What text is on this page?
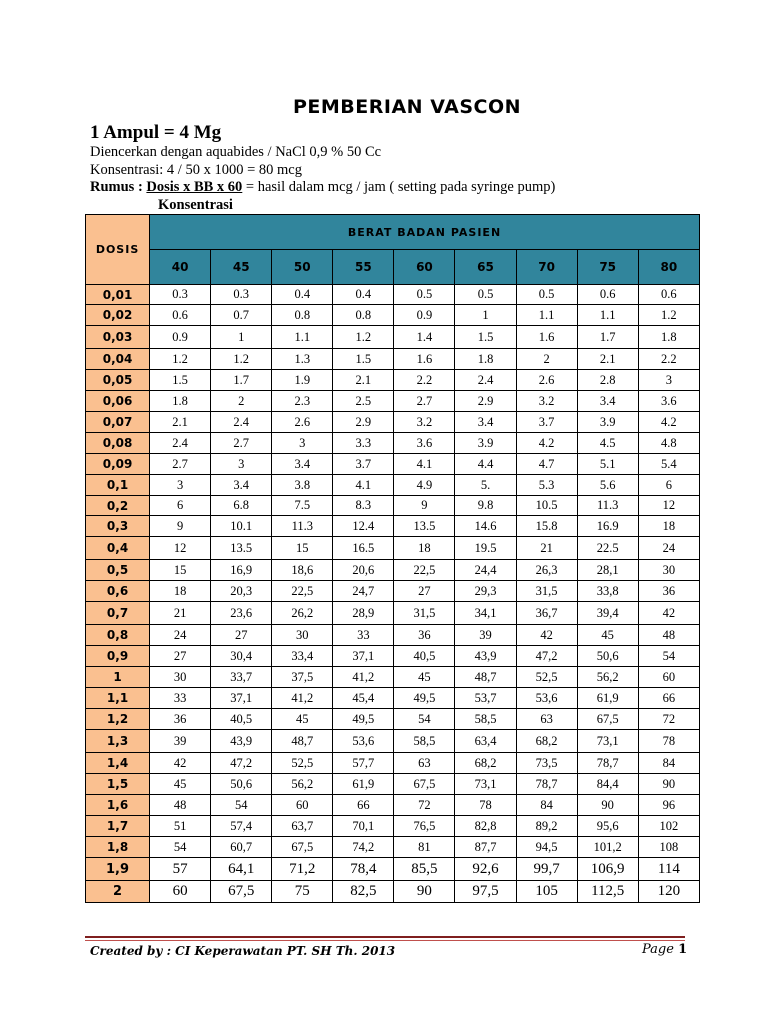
PEMBERIAN VASCON
1 Ampul = 4 Mg
Diencerkan dengan aquabides / NaCl 0,9 % 50 Cc
Konsentrasi: 4 / 50 x 1000 = 80 mcg
Rumus : Dosis x BB x 60 = hasil dalam mcg / jam ( setting pada syringe pump)
Konsentrasi
DOSIS	BERAT BADAN PASIEN								
	40	45	50	55	60	65	70	75	80
0,01	0.3	0.3	0.4	0.4	0.5	0.5	0.5	0.6	0.6
0,02	0.6	0.7	0.8	0.8	0.9	1	1.1	1.1	1.2
0,03	0.9	1	1.1	1.2	1.4	1.5	1.6	1.7	1.8
0,04	1.2	1.2	1.3	1.5	1.6	1.8	2	2.1	2.2
0,05	1.5	1.7	1.9	2.1	2.2	2.4	2.6	2.8	3
0,06	1.8	2	2.3	2.5	2.7	2.9	3.2	3.4	3.6
0,07	2.1	2.4	2.6	2.9	3.2	3.4	3.7	3.9	4.2
0,08	2.4	2.7	3	3.3	3.6	3.9	4.2	4.5	4.8
0,09	2.7	3	3.4	3.7	4.1	4.4	4.7	5.1	5.4
0,1	3	3.4	3.8	4.1	4.9	5.	5.3	5.6	6
0,2	6	6.8	7.5	8.3	9	9.8	10.5	11.3	12
0,3	9	10.1	11.3	12.4	13.5	14.6	15.8	16.9	18
0,4	12	13.5	15	16.5	18	19.5	21	22.5	24
0,5	15	16,9	18,6	20,6	22,5	24,4	26,3	28,1	30
0,6	18	20,3	22,5	24,7	27	29,3	31,5	33,8	36
0,7	21	23,6	26,2	28,9	31,5	34,1	36,7	39,4	42
0,8	24	27	30	33	36	39	42	45	48
0,9	27	30,4	33,4	37,1	40,5	43,9	47,2	50,6	54
1	30	33,7	37,5	41,2	45	48,7	52,5	56,2	60
1,1	33	37,1	41,2	45,4	49,5	53,7	53,6	61,9	66
1,2	36	40,5	45	49,5	54	58,5	63	67,5	72
1,3	39	43,9	48,7	53,6	58,5	63,4	68,2	73,1	78
1,4	42	47,2	52,5	57,7	63	68,2	73,5	78,7	84
1,5	45	50,6	56,2	61,9	67,5	73,1	78,7	84,4	90
1,6	48	54	60	66	72	78	84	90	96
1,7	51	57,4	63,7	70,1	76,5	82,8	89,2	95,6	102
1,8	54	60,7	67,5	74,2	81	87,7	94,5	101,2	108
1,9	57	64,1	71,2	78,4	85,5	92,6	99,7	106,9	114
2	60	67,5	75	82,5	90	97,5	105	112,5	120
Created by : CI Keperawatan PT. SH Th. 2013	Page 1
